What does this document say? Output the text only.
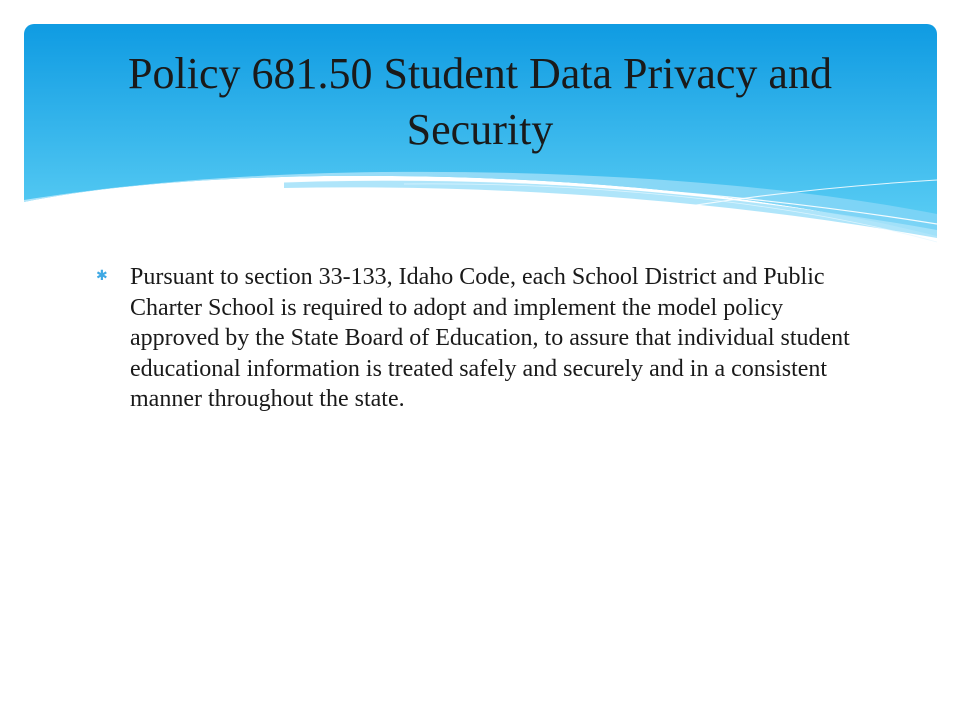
Policy 681.50 Student Data Privacy and Security
✱ Pursuant to section 33-133, Idaho Code, each School District and Public Charter School is required to adopt and implement the model policy approved by the State Board of Education, to assure that individual student educational information is treated safely and securely and in a consistent manner throughout the state.
